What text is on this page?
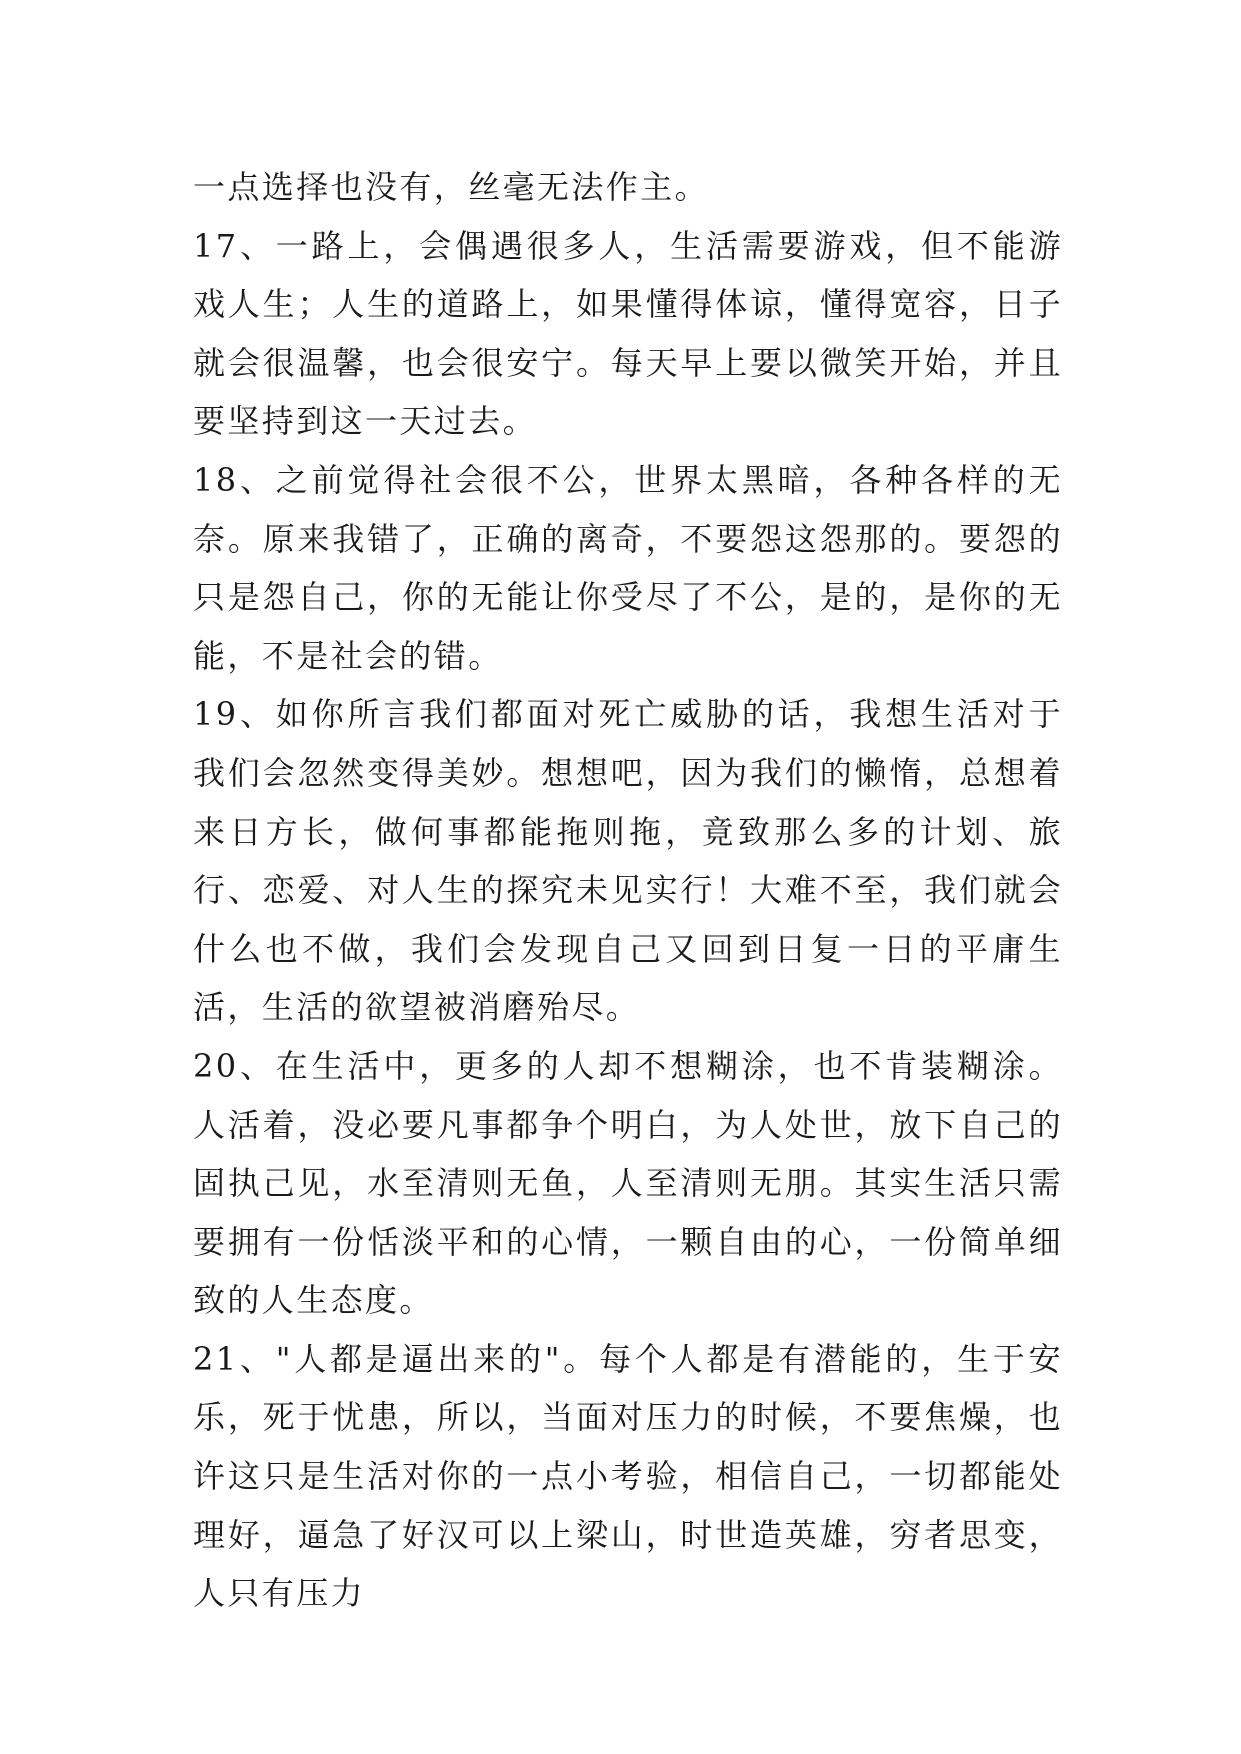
一点选择也没有，丝毫无法作主。

17、一路上，会偶遇很多人，生活需要游戏，但不能游戏人生；人生的道路上，如果懂得体谅，懂得宽容，日子就会很温馨，也会很安宁。每天早上要以微笑开始，并且要坚持到这一天过去。

18、之前觉得社会很不公，世界太黑暗，各种各样的无奈。原来我错了，正确的离奇，不要怨这怨那的。要怨的只是怨自己，你的无能让你受尽了不公，是的，是你的无能，不是社会的错。

19、如你所言我们都面对死亡威胁的话，我想生活对于我们会忽然变得美妙。想想吧，因为我们的懒惰，总想着来日方长，做何事都能拖则拖，竟致那么多的计划、旅行、恋爱、对人生的探究未见实行！大难不至，我们就会什么也不做，我们会发现自己又回到日复一日的平庸生活，生活的欲望被消磨殆尽。

20、在生活中，更多的人却不想糊涂，也不肯装糊涂。人活着，没必要凡事都争个明白，为人处世，放下自己的固执己见，水至清则无鱼，人至清则无朋。其实生活只需要拥有一份恬淡平和的心情，一颗自由的心，一份简单细致的人生态度。

21、"人都是逼出来的"。每个人都是有潜能的，生于安乐，死于忧患，所以，当面对压力的时候，不要焦燥，也许这只是生活对你的一点小考验，相信自己，一切都能处理好，逼急了好汉可以上梁山，时世造英雄，穷者思变，人只有压力
